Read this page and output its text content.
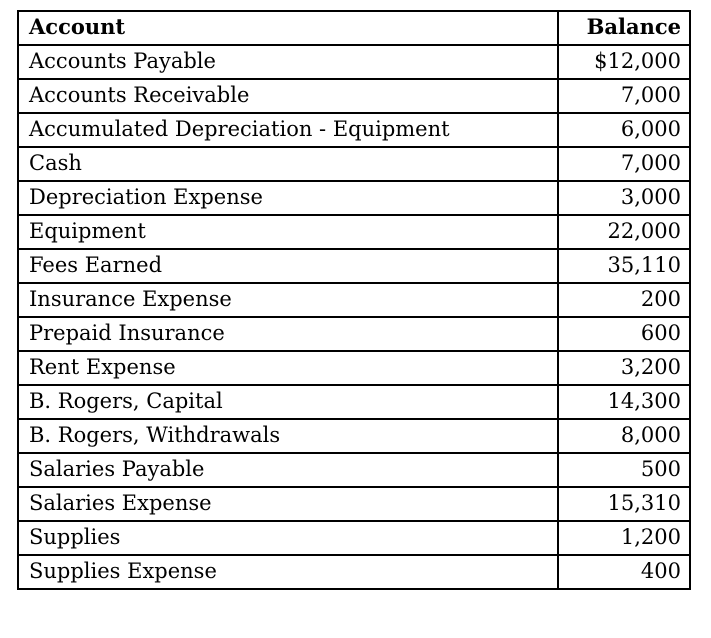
Account	Balance
Accounts Payable	$12,000
Accounts Receivable	7,000
Accumulated Depreciation - Equipment	6,000
Cash	7,000
Depreciation Expense	3,000
Equipment	22,000
Fees Earned	35,110
Insurance Expense	200
Prepaid Insurance	600
Rent Expense	3,200
B. Rogers, Capital	14,300
B. Rogers, Withdrawals	8,000
Salaries Payable	500
Salaries Expense	15,310
Supplies	1,200
Supplies Expense	400
